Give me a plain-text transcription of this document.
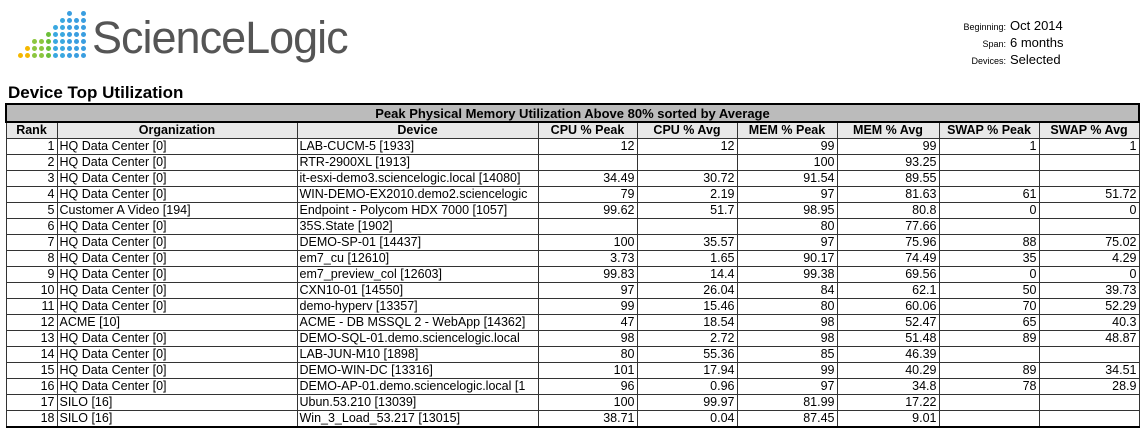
ScienceLogic	Beginning: Oct 2014
Span: 6 months
Devices: Selected
Device Top Utilization
Peak Physical Memory Utilization Above 80% sorted by Average								
Rank	Organization	Device	CPU % Peak	CPU % Avg	MEM % Peak	MEM % Avg	SWAP % Peak	SWAP % Avg
1	HQ Data Center [0]	LAB-CUCM-5 [1933]	12	12	99	99	1	1
2	HQ Data Center [0]	RTR-2900XL [1913]			100	93.25		
3	HQ Data Center [0]	it-esxi-demo3.sciencelogic.local [14080]	34.49	30.72	91.54	89.55		
4	HQ Data Center [0]	WIN-DEMO-EX2010.demo2.sciencelogic	79	2.19	97	81.63	61	51.72
5	Customer A Video [194]	Endpoint - Polycom HDX 7000 [1057]	99.62	51.7	98.95	80.8	0	0
6	HQ Data Center [0]	35S.State [1902]			80	77.66		
7	HQ Data Center [0]	DEMO-SP-01 [14437]	100	35.57	97	75.96	88	75.02
8	HQ Data Center [0]	em7_cu [12610]	3.73	1.65	90.17	74.49	35	4.29
9	HQ Data Center [0]	em7_preview_col [12603]	99.83	14.4	99.38	69.56	0	0
10	HQ Data Center [0]	CXN10-01 [14550]	97	26.04	84	62.1	50	39.73
11	HQ Data Center [0]	demo-hyperv [13357]	99	15.46	80	60.06	70	52.29
12	ACME [10]	ACME - DB MSSQL 2 - WebApp [14362]	47	18.54	98	52.47	65	40.3
13	HQ Data Center [0]	DEMO-SQL-01.demo.sciencelogic.local	98	2.72	98	51.48	89	48.87
14	HQ Data Center [0]	LAB-JUN-M10 [1898]	80	55.36	85	46.39		
15	HQ Data Center [0]	DEMO-WIN-DC [13316]	101	17.94	99	40.29	89	34.51
16	HQ Data Center [0]	DEMO-AP-01.demo.sciencelogic.local [1	96	0.96	97	34.8	78	28.9
17	SILO [16]	Ubun.53.210 [13039]	100	99.97	81.99	17.22		
18	SILO [16]	Win_3_Load_53.217 [13015]	38.71	0.04	87.45	9.01		
